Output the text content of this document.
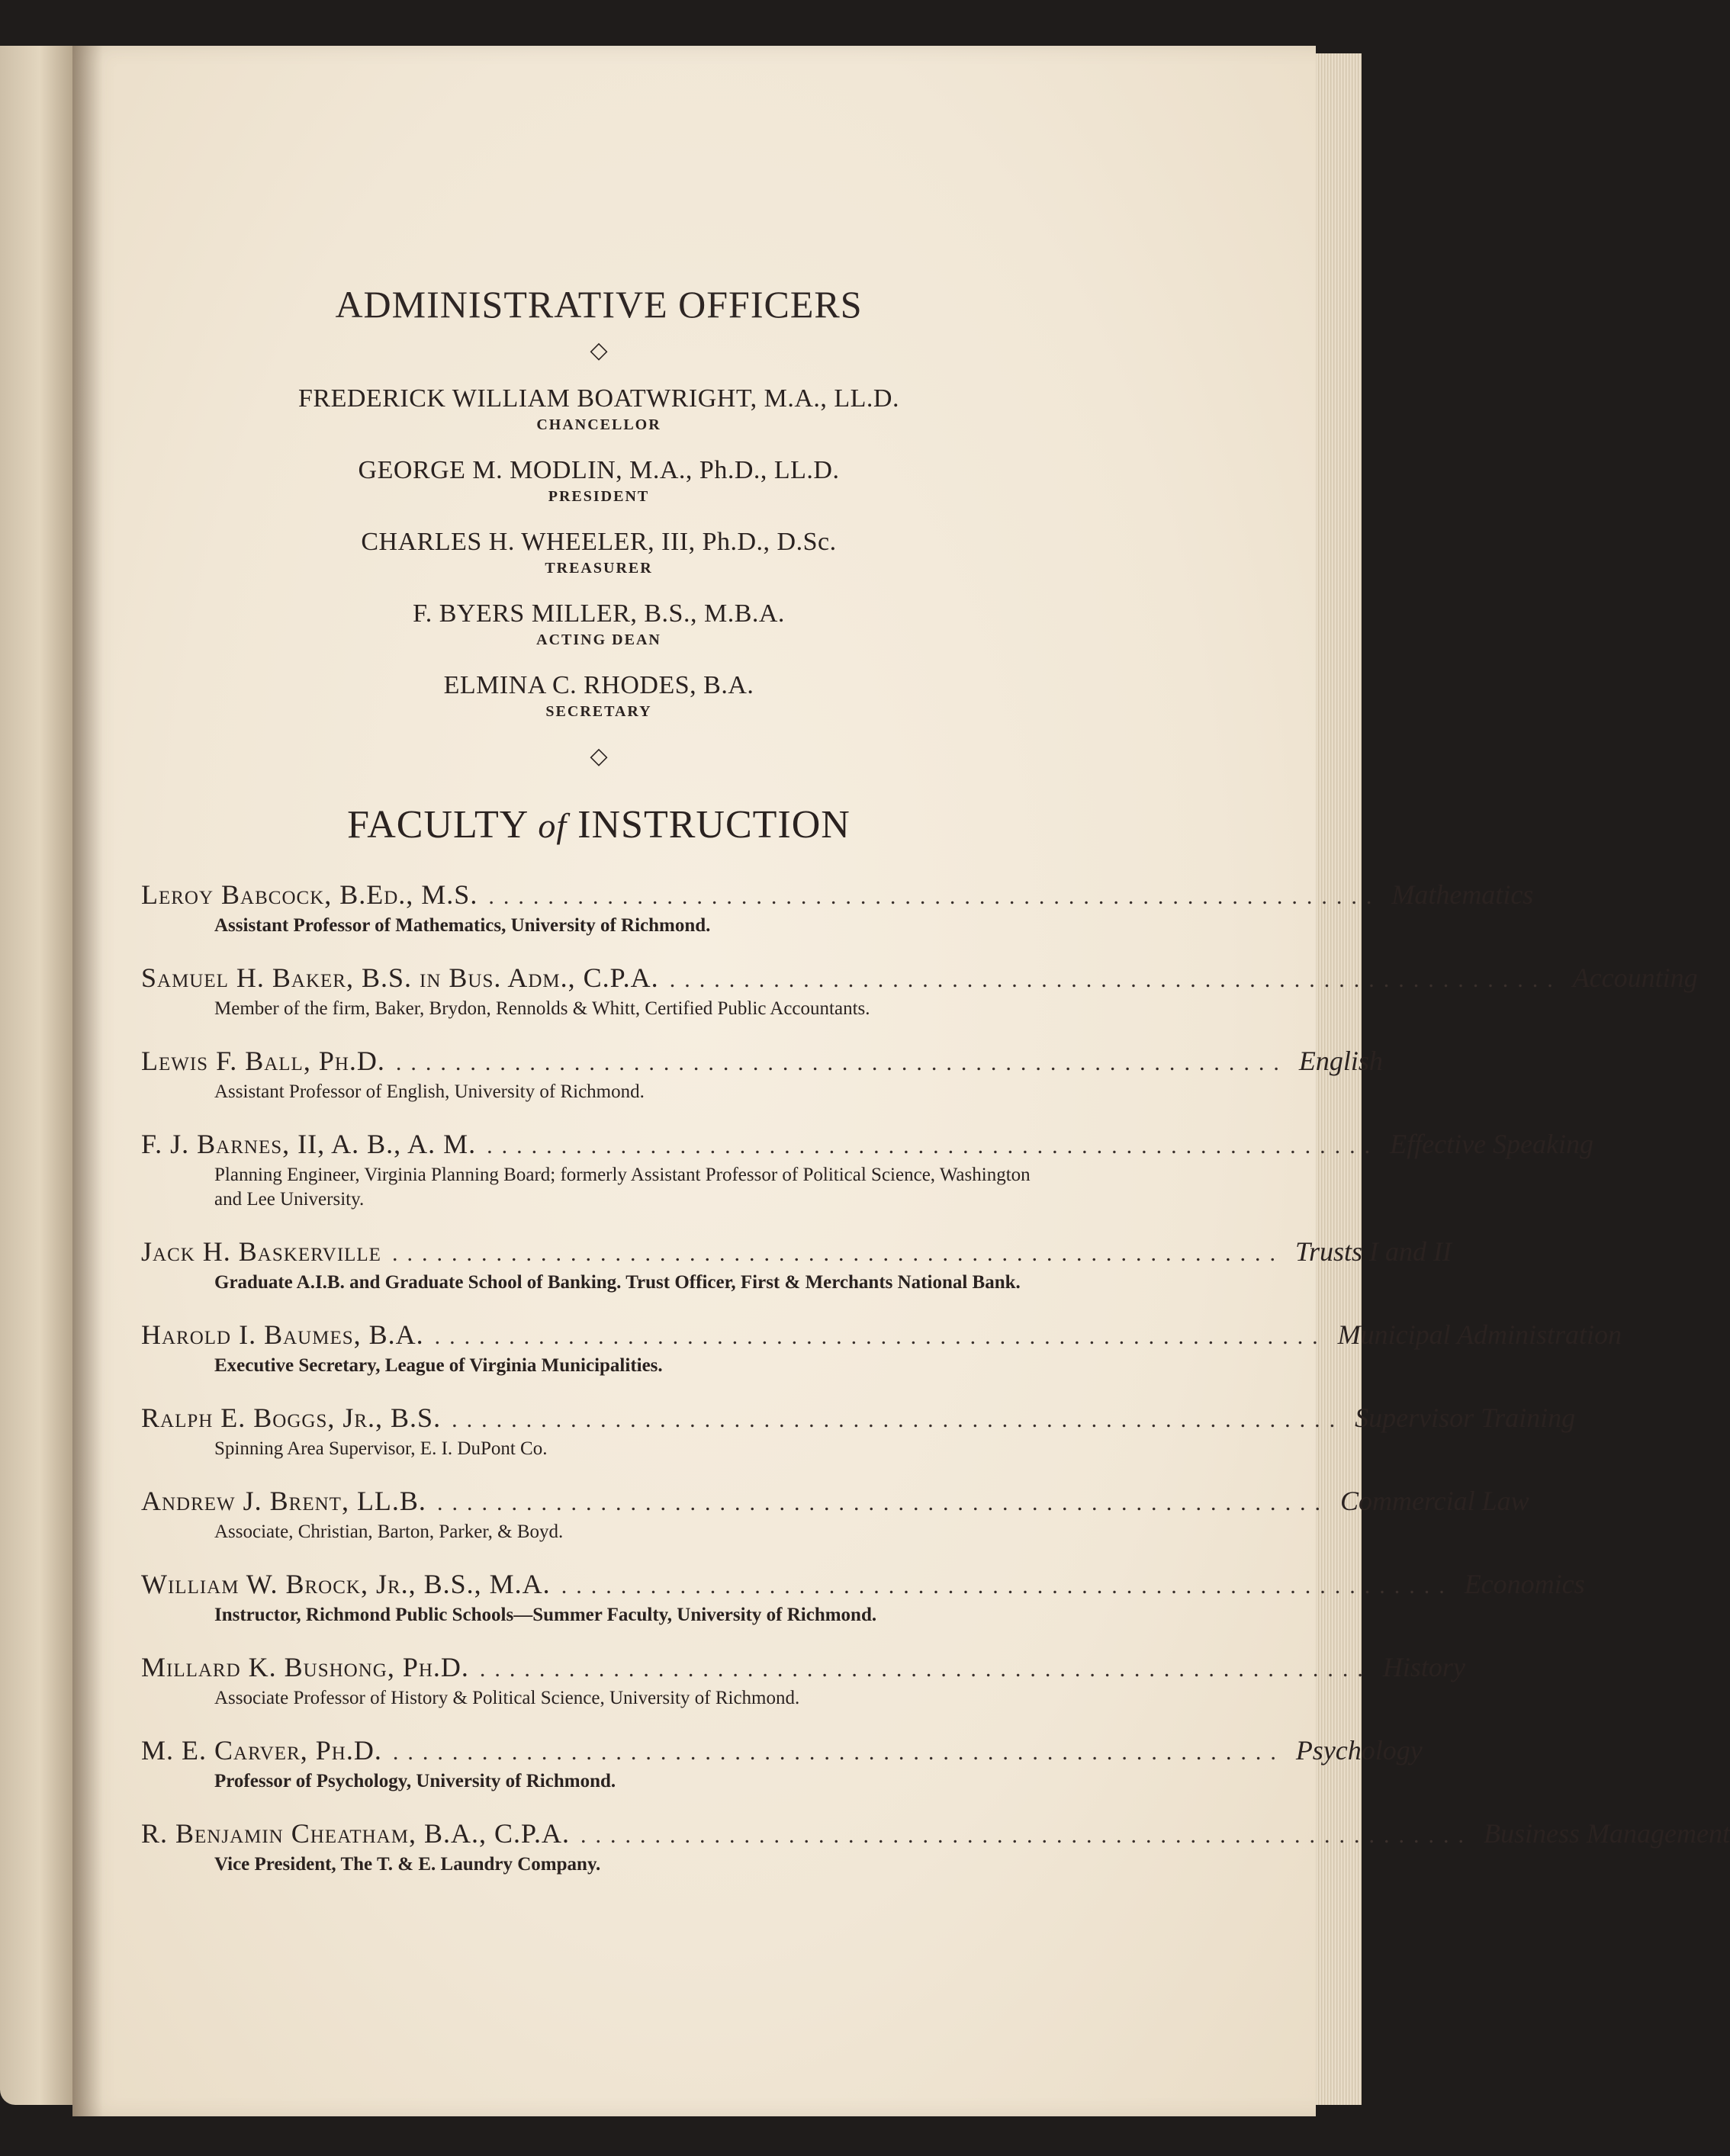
ADMINISTRATIVE OFFICERS
◇
FREDERICK WILLIAM BOATWRIGHT, M.A., LL.D.
CHANCELLOR
GEORGE M. MODLIN, M.A., Ph.D., LL.D.
PRESIDENT
CHARLES H. WHEELER, III, Ph.D., D.Sc.
TREASURER
F. BYERS MILLER, B.S., M.B.A.
ACTING DEAN
ELMINA C. RHODES, B.A.
SECRETARY
◇
FACULTY of INSTRUCTION
Leroy Babcock, B.Ed., M.S. ............................................................ Mathematics
Assistant Professor of Mathematics, University of Richmond.
Samuel H. Baker, B.S. in Bus. Adm., C.P.A. ............................................................ Accounting
Member of the firm, Baker, Brydon, Rennolds & Whitt, Certified Public Accountants.
Lewis F. Ball, Ph.D. ............................................................ English
Assistant Professor of English, University of Richmond.
F. J. Barnes, II, A. B., A. M. ............................................................ Effective Speaking
Planning Engineer, Virginia Planning Board; formerly Assistant Professor of Political Science, Washington and Lee University.
Jack H. Baskerville ............................................................ Trusts I and II
Graduate A.I.B. and Graduate School of Banking. Trust Officer, First & Merchants National Bank.
Harold I. Baumes, B.A. ............................................................ Municipal Administration
Executive Secretary, League of Virginia Municipalities.
Ralph E. Boggs, Jr., B.S. ............................................................ Supervisor Training
Spinning Area Supervisor, E. I. DuPont Co.
Andrew J. Brent, LL.B. ............................................................ Commercial Law
Associate, Christian, Barton, Parker, & Boyd.
William W. Brock, Jr., B.S., M.A. ............................................................ Economics
Instructor, Richmond Public Schools—Summer Faculty, University of Richmond.
Millard K. Bushong, Ph.D. ............................................................ History
Associate Professor of History & Political Science, University of Richmond.
M. E. Carver, Ph.D. ............................................................ Psychology
Professor of Psychology, University of Richmond.
R. Benjamin Cheatham, B.A., C.P.A. ............................................................ Business Management
Vice President, The T. & E. Laundry Company.
